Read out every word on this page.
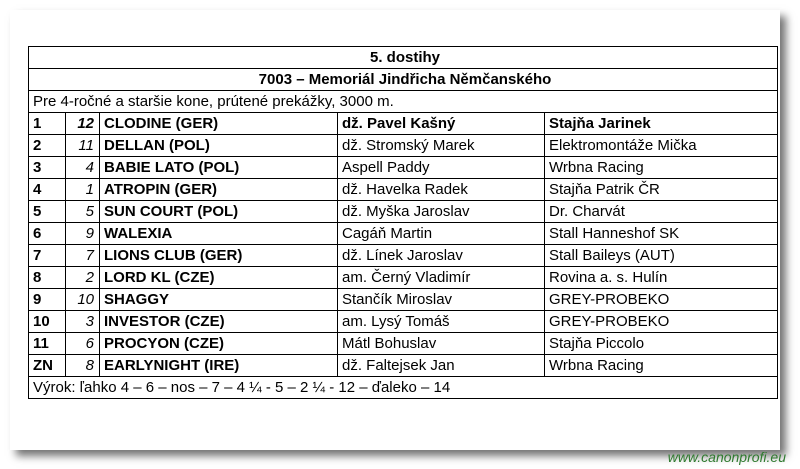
5. dostihy				
7003 – Memoriál Jindřicha Němčanského				
Pre 4-ročné a staršie kone, prútené prekážky, 3000 m.				
1	12	CLODINE (GER)	dž. Pavel Kašný	Stajňa Jarinek
2	11	DELLAN (POL)	dž. Stromský Marek	Elektromontáže Mička
3	4	BABIE LATO (POL)	Aspell Paddy	Wrbna Racing
4	1	ATROPIN (GER)	dž. Havelka Radek	Stajňa Patrik ČR
5	5	SUN COURT (POL)	dž. Myška Jaroslav	Dr. Charvát
6	9	WALEXIA	Cagáň Martin	Stall Hanneshof SK
7	7	LIONS CLUB (GER)	dž. Línek Jaroslav	Stall Baileys (AUT)
8	2	LORD KL (CZE)	am. Černý Vladimír	Rovina a. s. Hulín
9	10	SHAGGY	Stančík Miroslav	GREY-PROBEKO
10	3	INVESTOR (CZE)	am. Lysý Tomáš	GREY-PROBEKO
11	6	PROCYON (CZE)	Mátl Bohuslav	Stajňa Piccolo
ZN	8	EARLYNIGHT (IRE)	dž. Faltejsek Jan	Wrbna Racing
Výrok: ľahko 4 – 6 – nos – 7 – 4 ¼ - 5 – 2 ¼ - 12 – ďaleko – 14				
www.canonprofi.eu
